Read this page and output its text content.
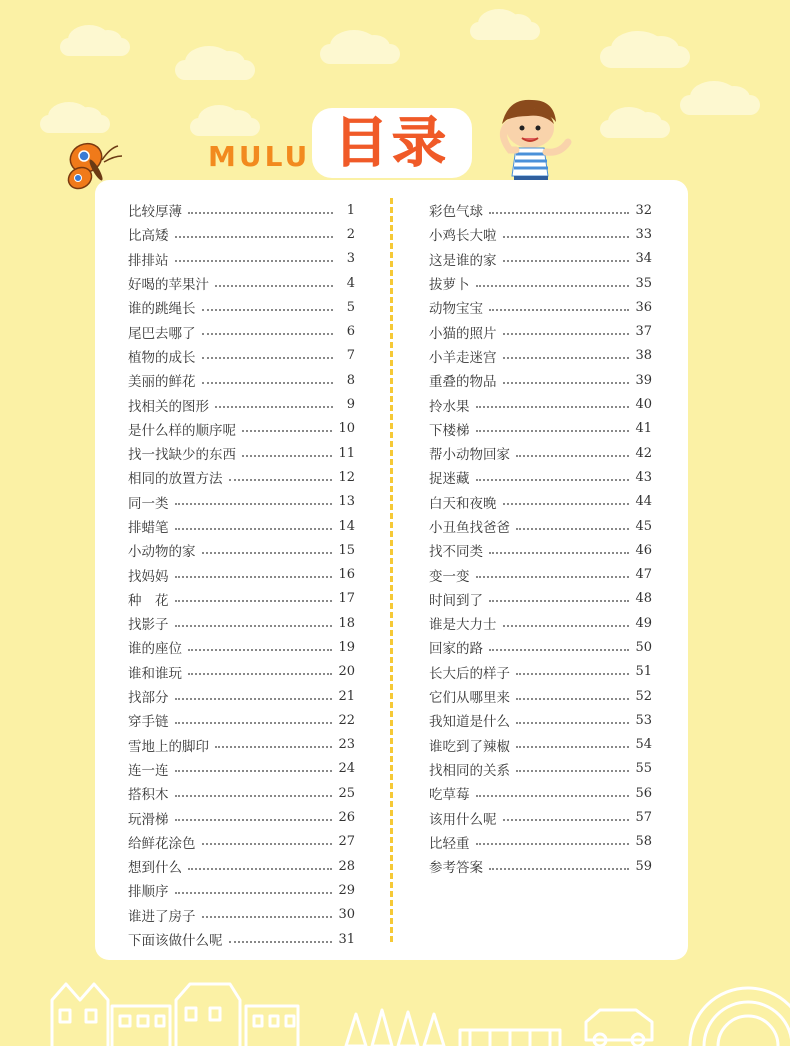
MULU 目录
比较厚薄	1
比高矮	2
排排站	3
好喝的苹果汁	4
谁的跳绳长	5
尾巴去哪了	6
植物的成长	7
美丽的鲜花	8
找相关的图形	9
是什么样的顺序呢	10
找一找缺少的东西	11
相同的放置方法	12
同一类	13
排蜡笔	14
小动物的家	15
找妈妈	16
种　花	17
找影子	18
谁的座位	19
谁和谁玩	20
找部分	21
穿手链	22
雪地上的脚印	23
连一连	24
搭积木	25
玩滑梯	26
给鲜花涂色	27
想到什么	28
排顺序	29
谁进了房子	30
下面该做什么呢	31
彩色气球	32
小鸡长大啦	33
这是谁的家	34
拔萝卜	35
动物宝宝	36
小猫的照片	37
小羊走迷宫	38
重叠的物品	39
拎水果	40
下楼梯	41
帮小动物回家	42
捉迷藏	43
白天和夜晚	44
小丑鱼找爸爸	45
找不同类	46
变一变	47
时间到了	48
谁是大力士	49
回家的路	50
长大后的样子	51
它们从哪里来	52
我知道是什么	53
谁吃到了辣椒	54
找相同的关系	55
吃草莓	56
该用什么呢	57
比轻重	58
参考答案	59
